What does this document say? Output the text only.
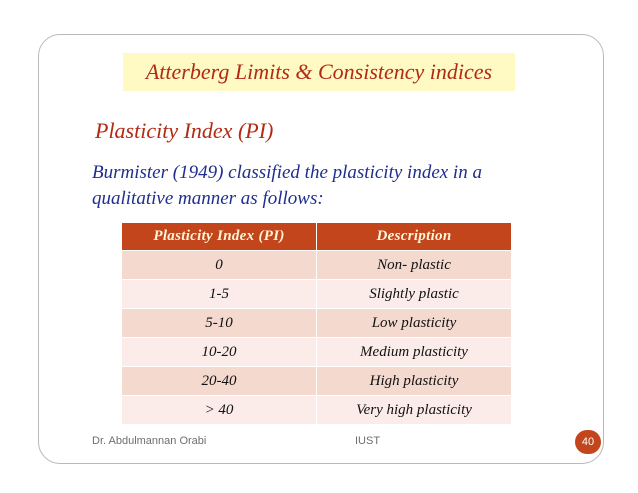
Atterberg Limits & Consistency indices
Plasticity Index (PI)
Burmister (1949) classified the plasticity index in a
qualitative manner as follows:
Plasticity Index (PI)	Description
0	Non- plastic
1-5	Slightly plastic
5-10	Low plasticity
10-20	Medium plasticity
20-40	High plasticity
> 40	Very high plasticity
Dr. Abdulmannan Orabi	IUST	40
